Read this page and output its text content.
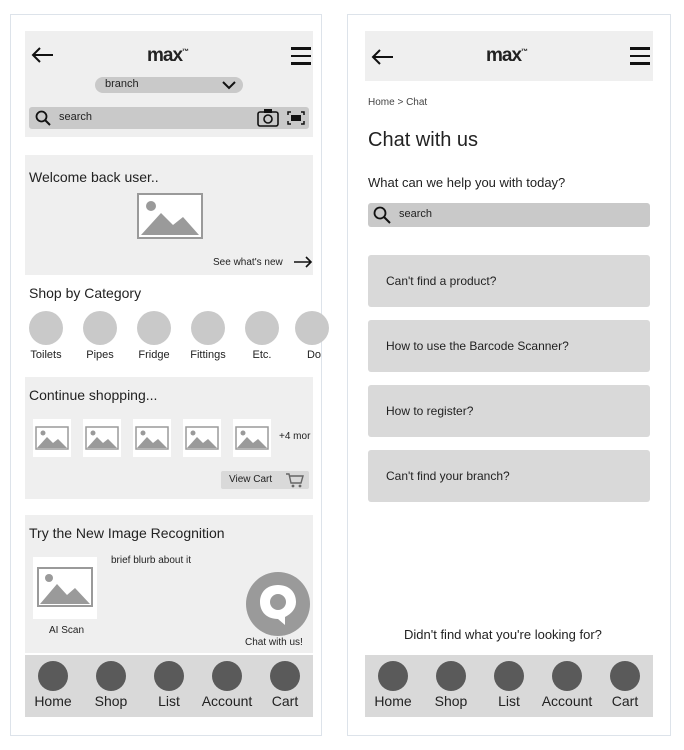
max™
branch
search
Welcome back user..
See what's new
Shop by Category
Toilets	Pipes	Fridge	Fittings	Etc.	Do
Continue shopping...
+4 mor
View Cart
Try the New Image Recognition
AI Scan
brief blurb about it
Chat with us!
Home	Shop	List	Account	Cart
max™
Home > Chat
Chat with us
What can we help you with today?
search
Can't find a product?
How to use the Barcode Scanner?
How to register?
Can't find your branch?
Didn't find what you're looking for?
Home	Shop	List	Account	Cart
